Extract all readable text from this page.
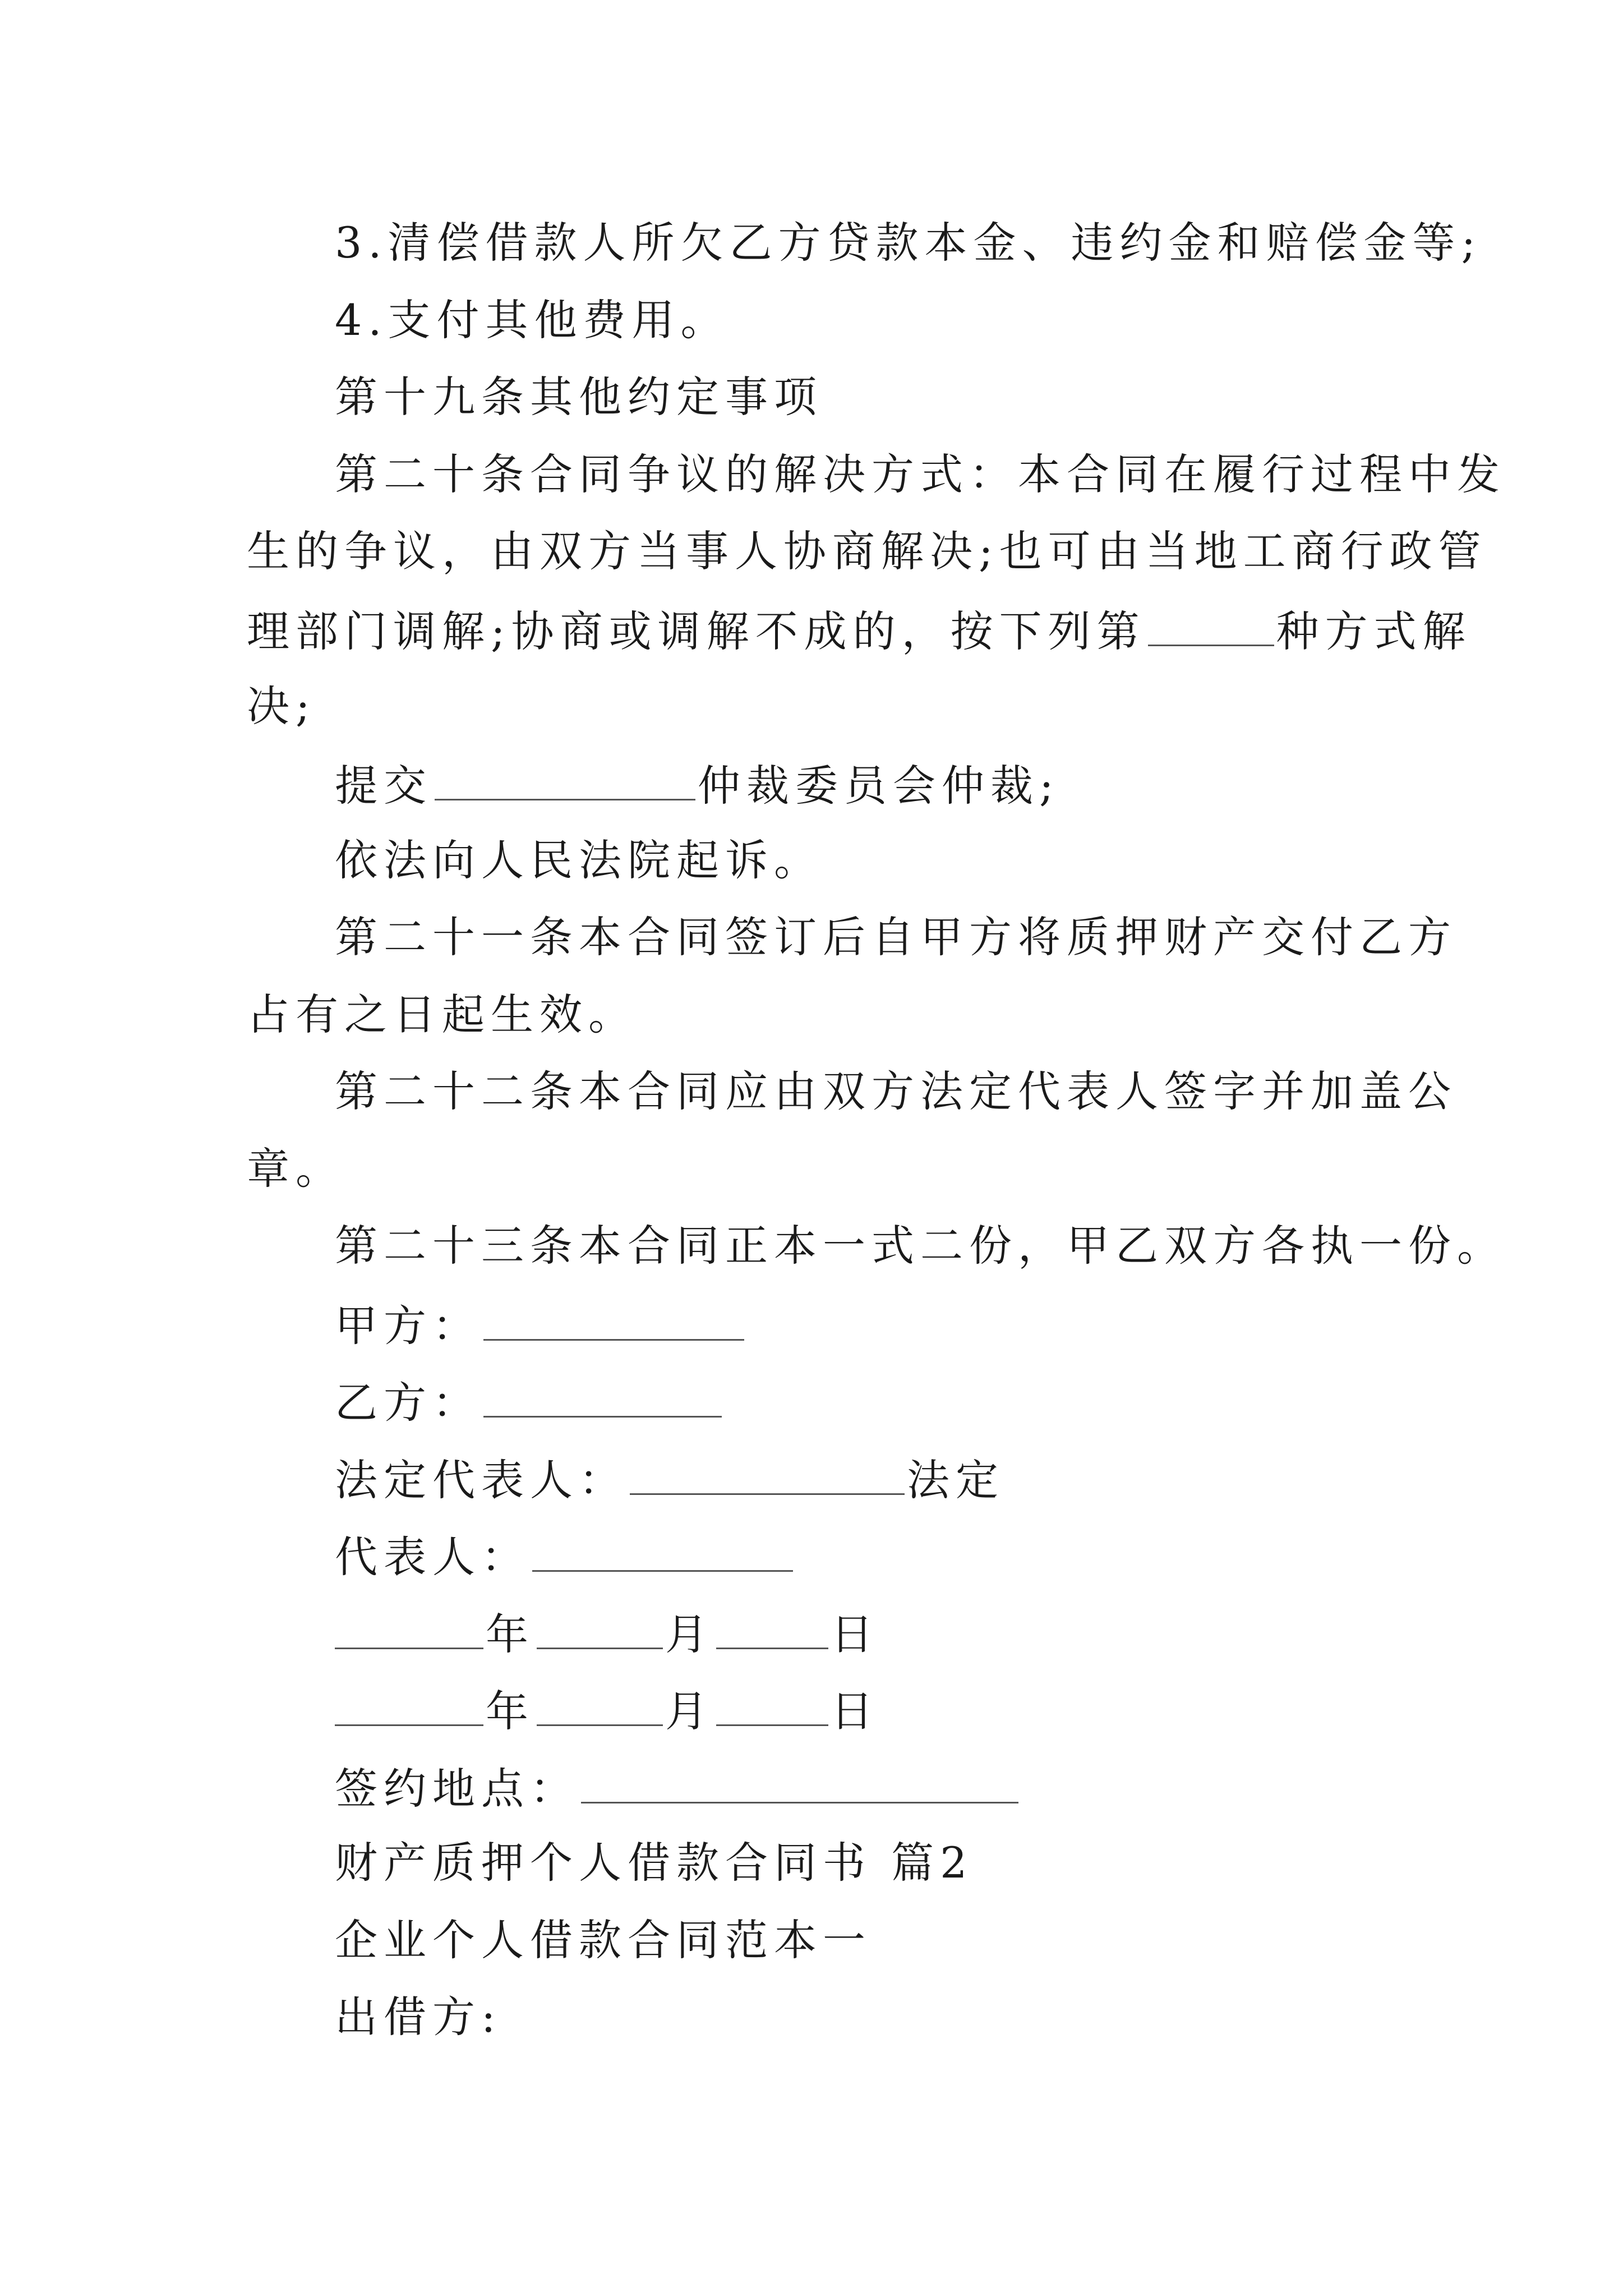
3.清偿借款人所欠乙方贷款本金、违约金和赔偿金等;
4.支付其他费用。
第十九条其他约定事项
第二十条合同争议的解决方式：本合同在履行过程中发
生的争议，由双方当事人协商解决;也可由当地工商行政管
理部门调解;协商或调解不成的，按下列第	种方式解
决;
提交	仲裁委员会仲裁;
依法向人民法院起诉。
第二十一条本合同签订后自甲方将质押财产交付乙方
占有之日起生效。
第二十二条本合同应由双方法定代表人签字并加盖公
章。
第二十三条本合同正本一式二份，甲乙双方各执一份。
甲方：
乙方：
法定代表人：	法定
代表人：
年	月	日
年	月	日
签约地点：
财产质押个人借款合同书 篇2
企业个人借款合同范本一
出借方:
